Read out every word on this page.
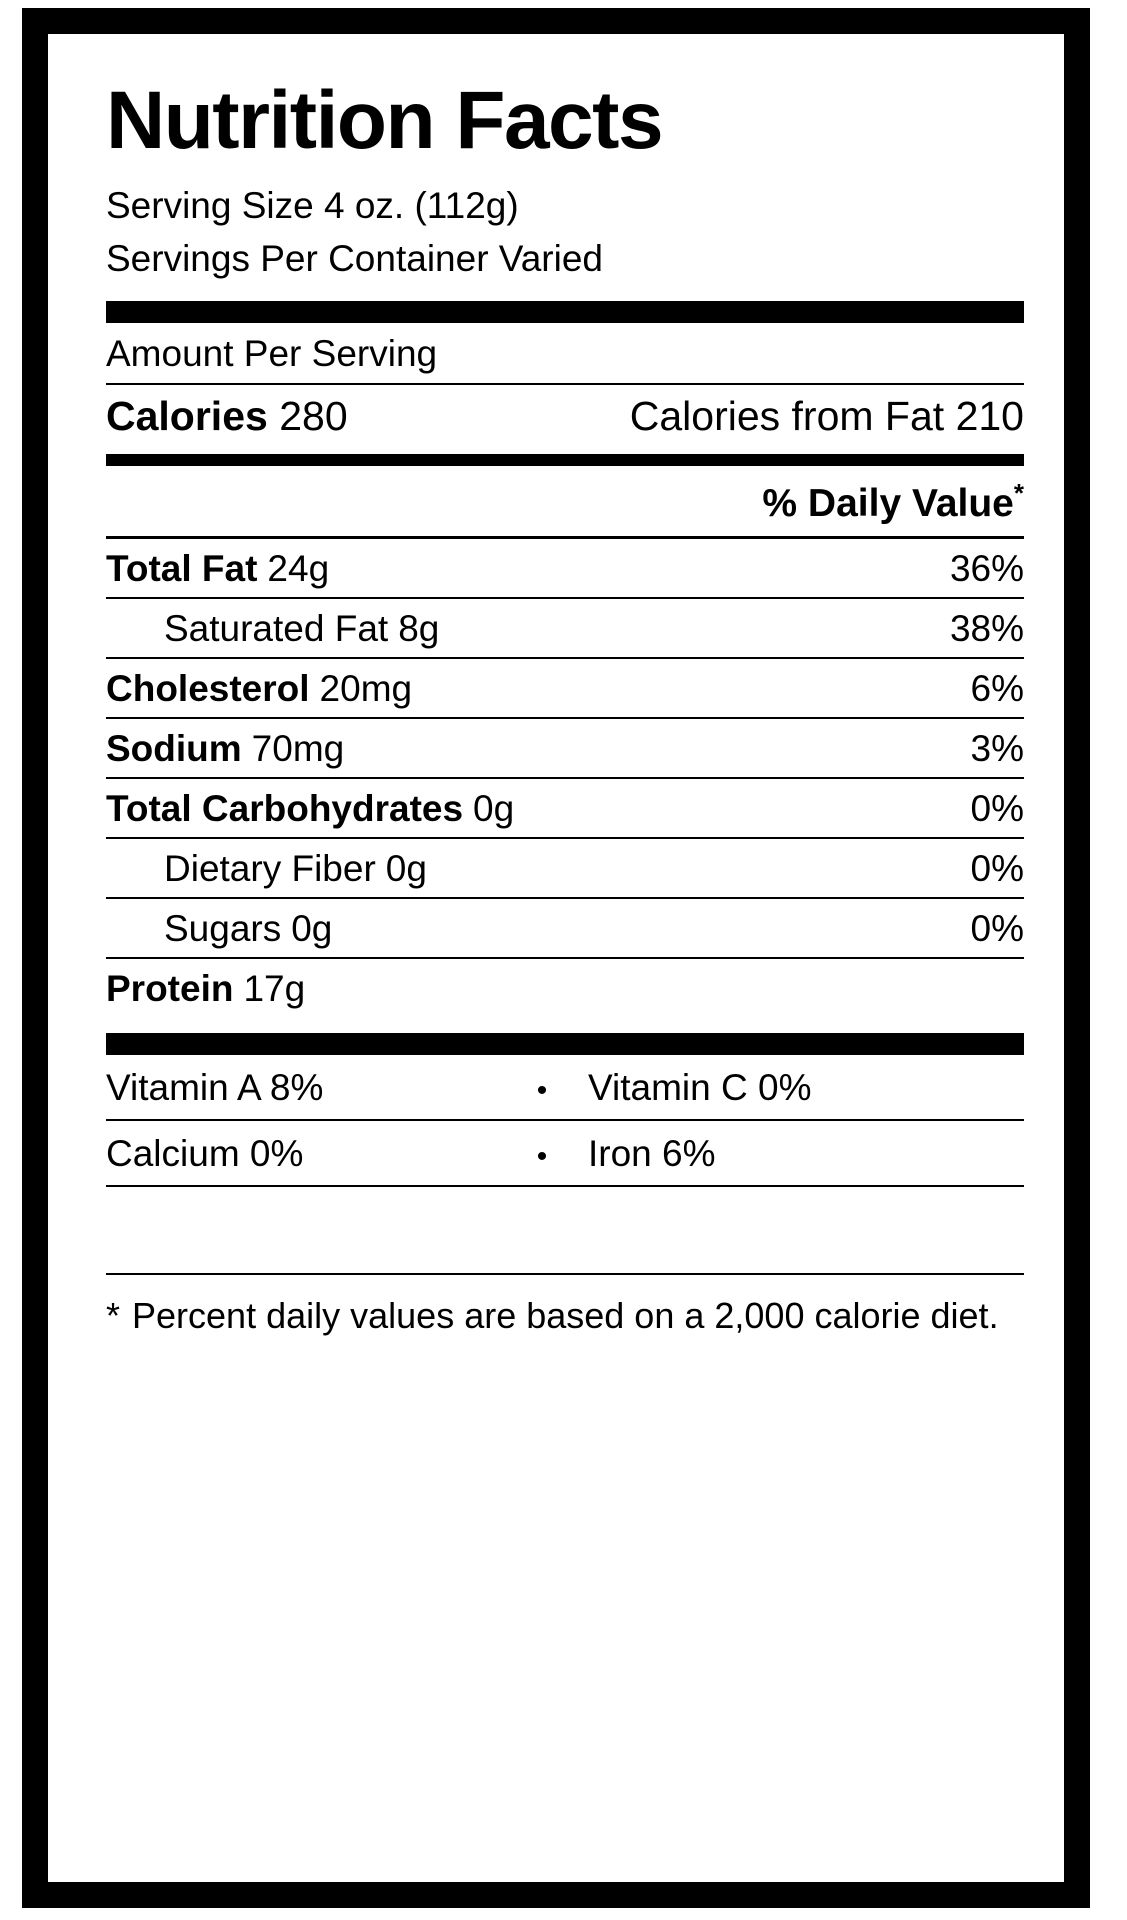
Nutrition Facts
Serving Size 4 oz. (112g)
Servings Per Container Varied
Amount Per Serving
Calories 280	Calories from Fat 210
% Daily Value*
Total Fat 24g	36%
Saturated Fat 8g	38%
Cholesterol 20mg	6%
Sodium 70mg	3%
Total Carbohydrates 0g	0%
Dietary Fiber 0g	0%
Sugars 0g	0%
Protein 17g
Vitamin A 8%	•	Vitamin C 0%
Calcium 0%	•	Iron 6%
* Percent daily values are based on a 2,000 calorie diet.
